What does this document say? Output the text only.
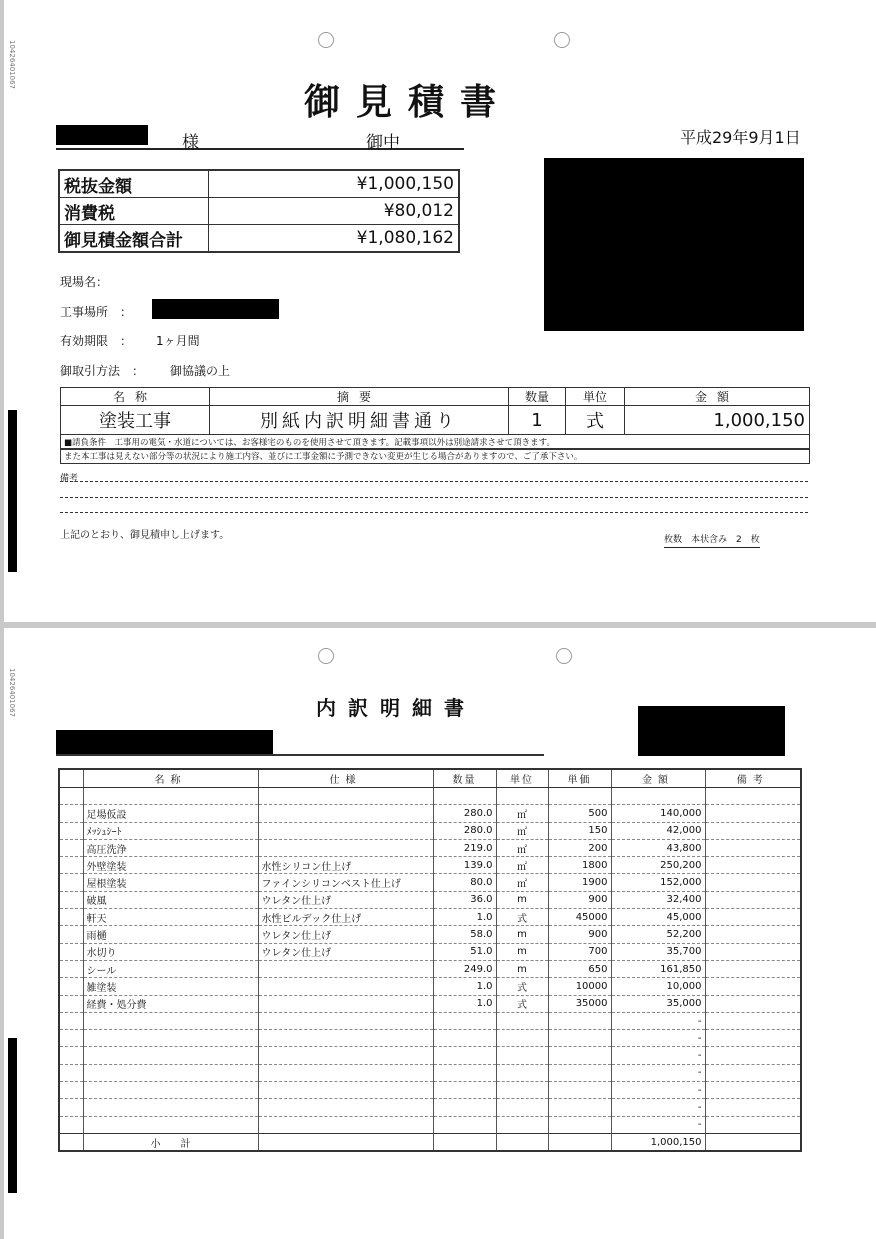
10426401067
御見積書
様	御中	平成29年9月1日
税抜金額	¥1,000,150
消費税	¥80,012
御見積金額合計	¥1,080,162
現場名：
工事場所　：
有効期限　： 1ヶ月間
御取引方法　： 御協議の上
名称	摘要	数量	単位	金額
塗装工事	別紙内訳明細書通り	1	式	1,000,150
■請負条件　工事用の電気・水道については、お客様宅のものを使用させて頂きます。記載事項以外は別途請求させて頂きます。
また本工事は見えない部分等の状況により施工内容、並びに工事金額に予測できない変更が生じる場合がありますので、ご了承下さい。
備考
上記のとおり、御見積申し上げます。	枚数　本状含み　2　枚
10426401067	内訳明細書
	名称	仕様	数量	単位	単価	金額	備考

	足場仮設		280.0	㎡	500	140,000	
	ﾒｯｼｭｼｰﾄ		280.0	㎡	150	42,000	
	高圧洗浄		219.0	㎡	200	43,800	
	外壁塗装	水性シリコン仕上げ	139.0	㎡	1800	250,200	
	屋根塗装	ファインシリコンベスト仕上げ	80.0	㎡	1900	152,000	
	破風	ウレタン仕上げ	36.0	m	900	32,400	
	軒天	水性ビルデック仕上げ	1.0	式	45000	45,000	
	雨樋	ウレタン仕上げ	58.0	m	900	52,200	
	水切り	ウレタン仕上げ	51.0	m	700	35,700	
	シール		249.0	m	650	161,850	
	雑塗装		1.0	式	10000	10,000	
	経費・処分費		1.0	式	35000	35,000	
						-	
						-	
						-	
						-	
						-	
						-	
						-	
	小　　計					1,000,150	
